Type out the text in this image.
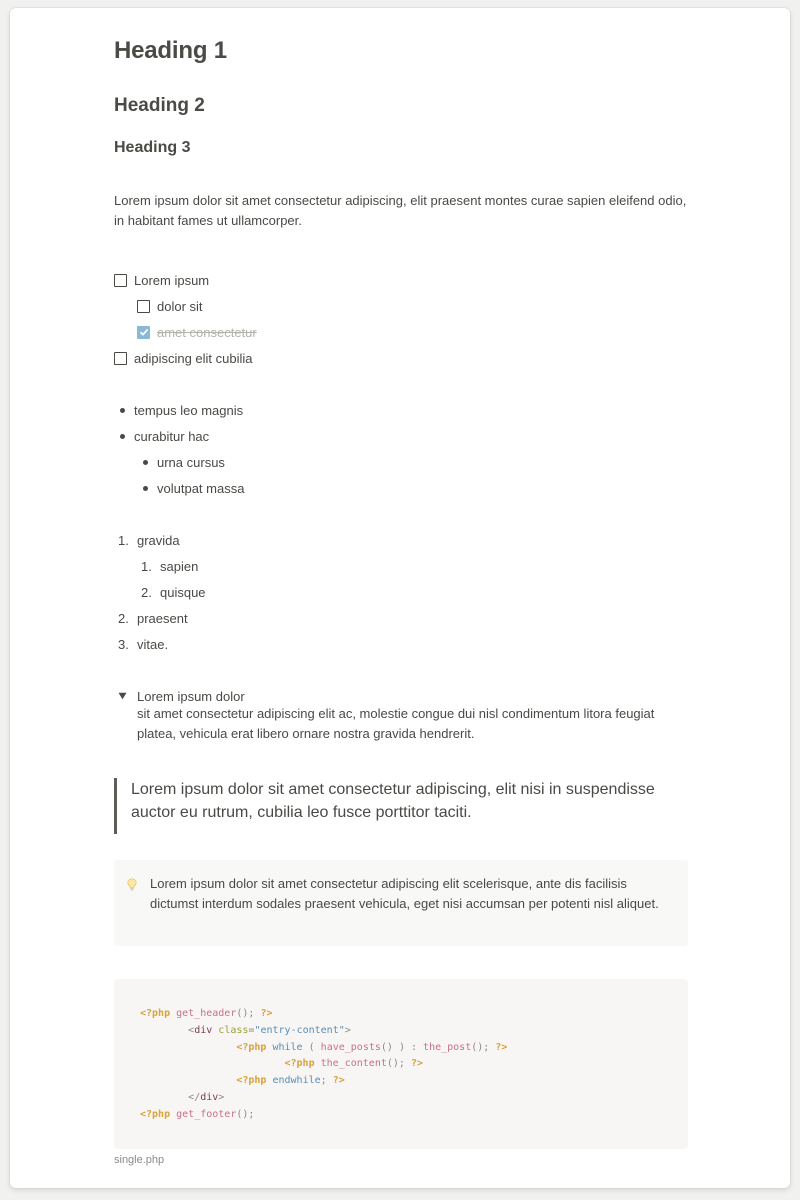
Heading 1
Heading 2
Heading 3
Lorem ipsum dolor sit amet consectetur adipiscing, elit praesent montes curae sapien eleifend odio, in habitant fames ut ullamcorper.
Lorem ipsum
dolor sit
amet consectetur
adipiscing elit cubilia
tempus leo magnis
curabitur hac
urna cursus
volutpat massa
1. gravida
1. sapien
2. quisque
2. praesent
3. vitae.
Lorem ipsum dolor
sit amet consectetur adipiscing elit ac, molestie congue dui nisl condimentum litora feugiat platea, vehicula erat libero ornare nostra gravida hendrerit.
Lorem ipsum dolor sit amet consectetur adipiscing, elit nisi in suspendisse auctor eu rutrum, cubilia leo fusce porttitor taciti.
Lorem ipsum dolor sit amet consectetur adipiscing elit scelerisque, ante dis facilisis dictumst interdum sodales praesent vehicula, eget nisi accumsan per potenti nisl aliquet.
<?php get_header(); ?>
<div class="entry-content">
<?php while ( have_posts() ) : the_post(); ?>
<?php the_content(); ?>
<?php endwhile; ?>
</div>
<?php get_footer();
single.php
